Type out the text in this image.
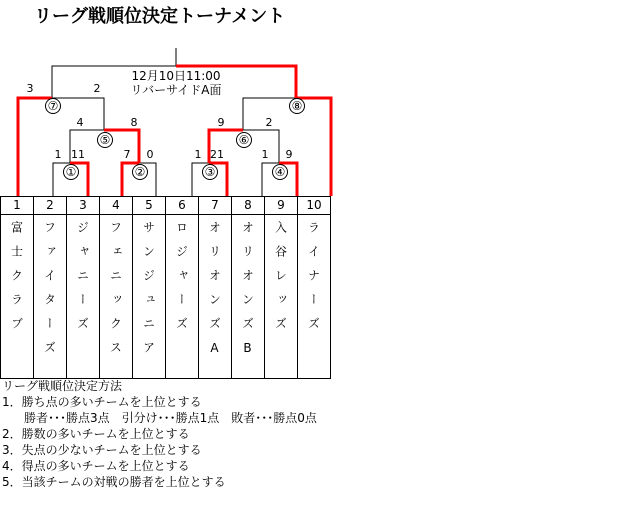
リーグ戦順位決定トーナメント
12月10日11:00
リバーサイドA面
3	2
4	8	9	2
1 11	7	0	1 21	1	9
⑦	⑧
⑤	⑥
①	②	③	④
1	2	3	4	5	6	7	8	9	10
富士クラブ	ファイターズ	ジャニーズ	フェニックス	サンジュニア	ロジャーズ	オリオンズA	オリオンズB	入谷レッズ	ライナーズ

リーグ戦順位決定方法

1．勝ち点の多いチームを上位とする

勝者･･･勝点3点　引分け･･･勝点1点　敗者･･･勝点0点

2．勝数の多いチームを上位とする

3．失点の少ないチームを上位とする

4．得点の多いチームを上位とする

5．当該チームの対戦の勝者を上位とする
